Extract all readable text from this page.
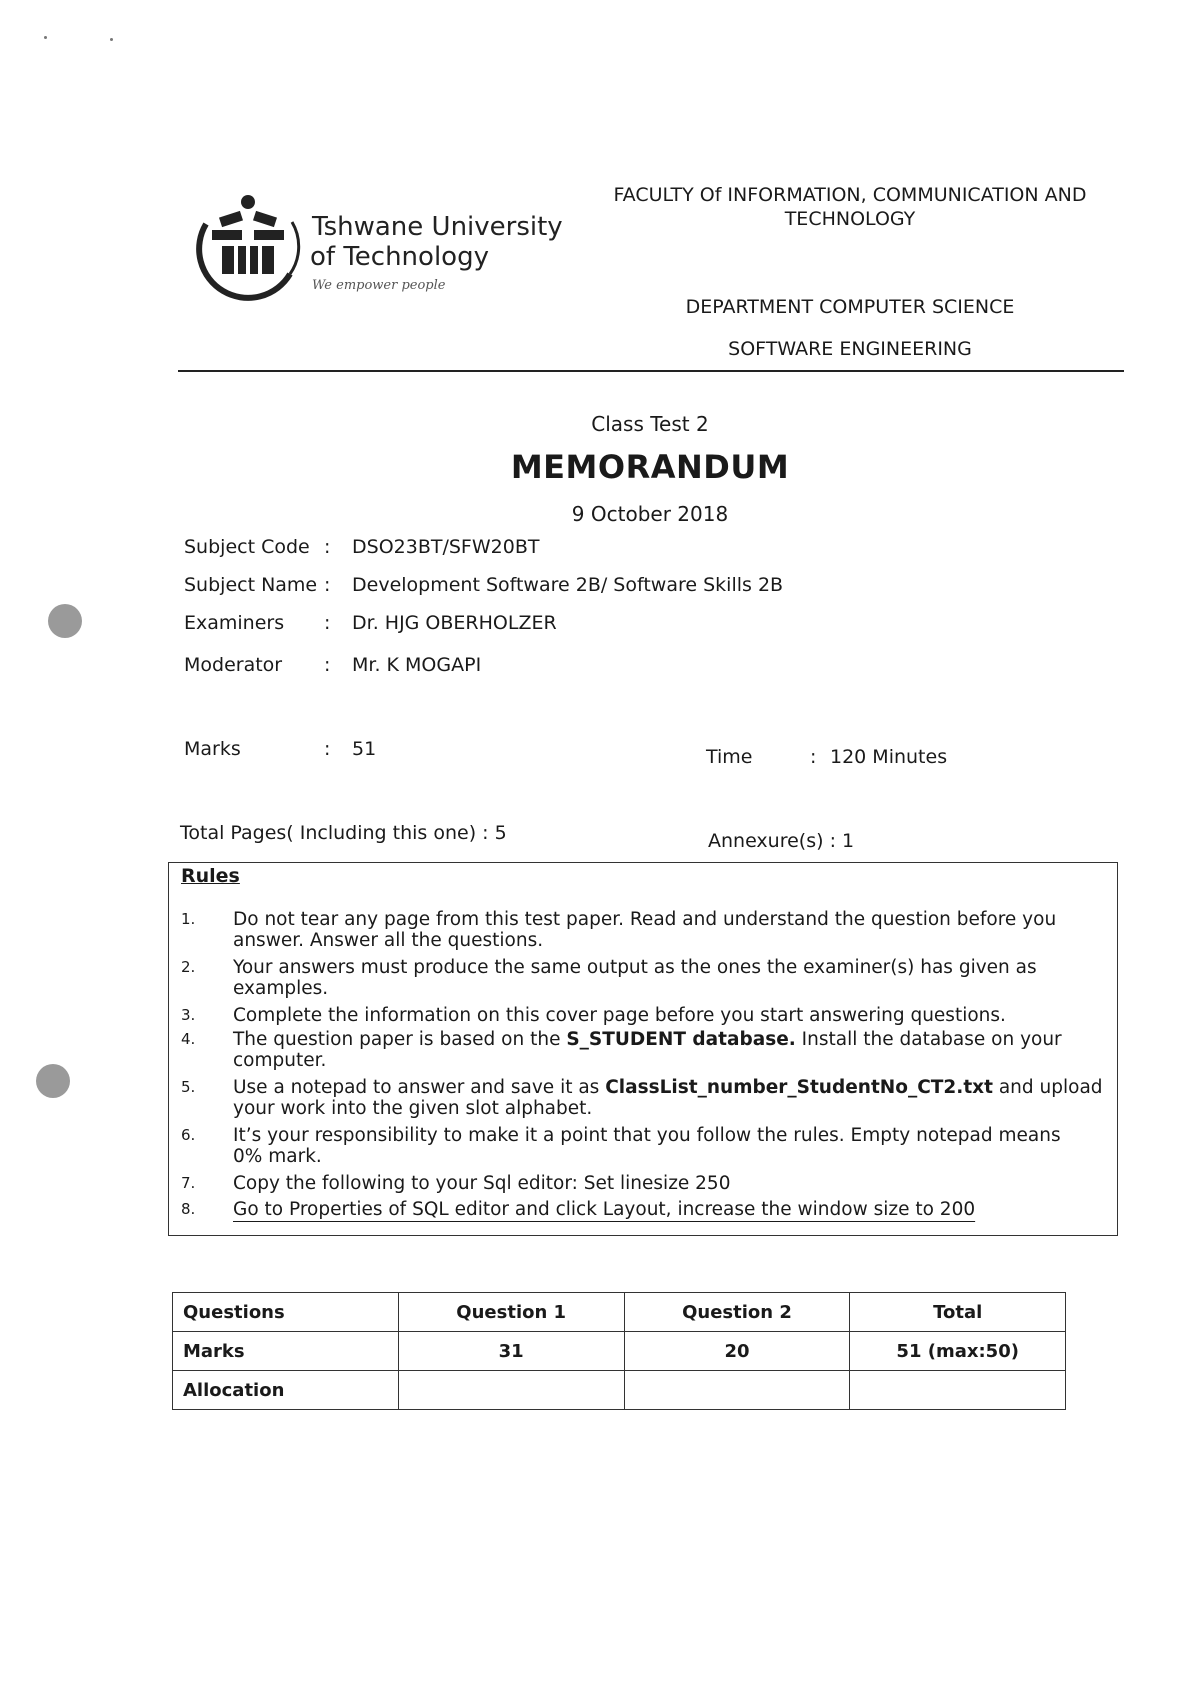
Tshwane University
of Technology
We empower people
FACULTY Of INFORMATION, COMMUNICATION AND
TECHNOLOGY
DEPARTMENT COMPUTER SCIENCE
SOFTWARE ENGINEERING
Class Test 2
MEMORANDUM
9 October 2018
Subject Code : DSO23BT/SFW20BT
Subject Name : Development Software 2B/ Software Skills 2B
Examiners : Dr. HJG OBERHOLZER
Moderator : Mr. K MOGAPI
Marks	: 51	Time	: 120 Minutes
Total Pages( Including this one) : 5	Annexure(s) : 1
Rules
1. Do not tear any page from this test paper. Read and understand the question before you
answer. Answer all the questions.
2. Your answers must produce the same output as the ones the examiner(s) has given as
examples.
3. Complete the information on this cover page before you start answering questions.
4. The question paper is based on the S_STUDENT database. Install the database on your
computer.
5. Use a notepad to answer and save it as ClassList_number_StudentNo_CT2.txt and upload
your work into the given slot alphabet.
6. It’s your responsibility to make it a point that you follow the rules. Empty notepad means
0% mark.
7. Copy the following to your Sql editor: Set linesize 250
8. Go to Properties of SQL editor and click Layout, increase the window size to 200
Questions	Question 1	Question 2	Total
Marks	31	20	51 (max:50)
Allocation			
